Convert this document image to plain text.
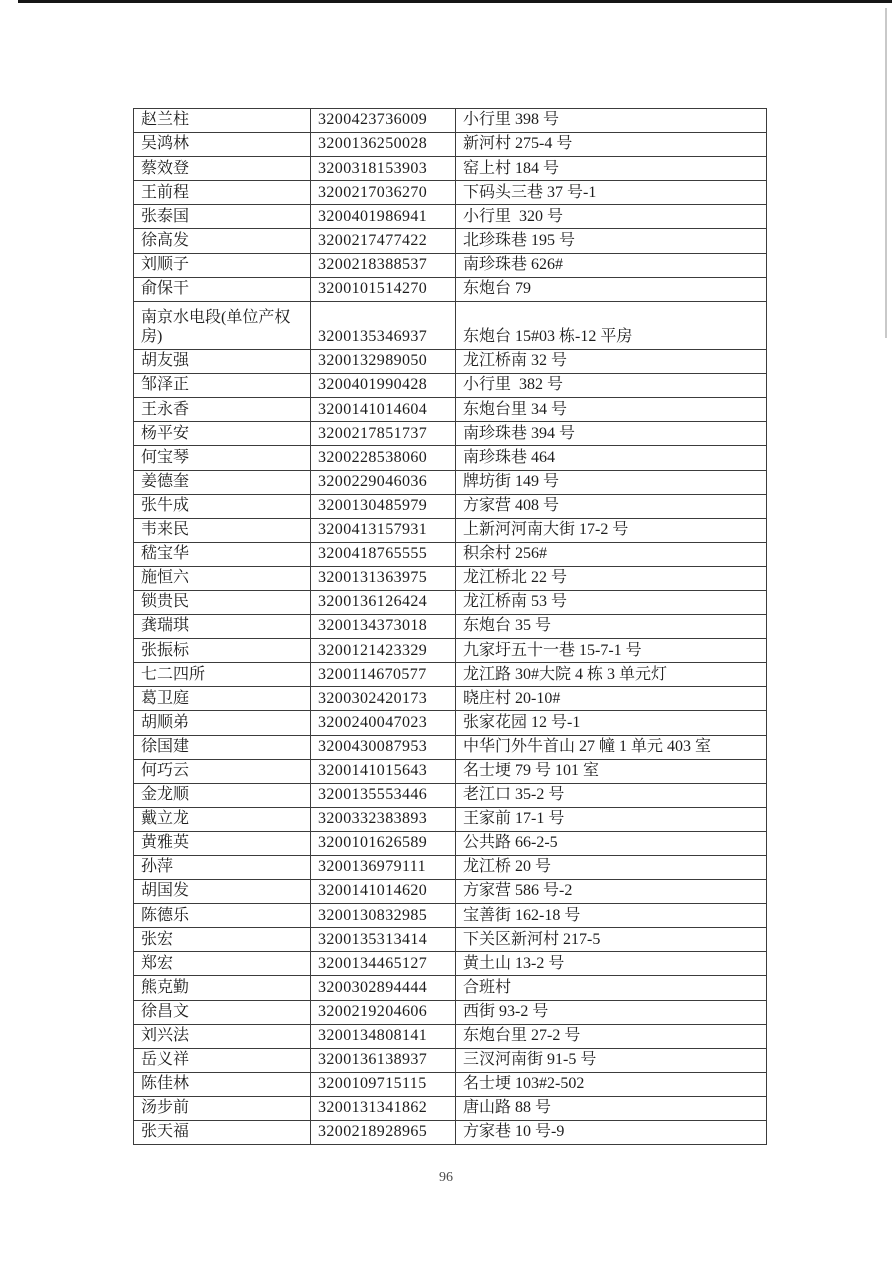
赵兰柱	3200423736009	小行里 398 号
吴鸿林	3200136250028	新河村 275-4 号
蔡效登	3200318153903	窑上村 184 号
王前程	3200217036270	下码头三巷 37 号-1
张泰国	3200401986941	小行里  320 号
徐高发	3200217477422	北珍珠巷 195 号
刘顺子	3200218388537	南珍珠巷 626#
俞保干	3200101514270	东炮台 79
南京水电段(单位产权房)	3200135346937	东炮台 15#03 栋-12 平房
胡友强	3200132989050	龙江桥南 32 号
邹泽正	3200401990428	小行里  382 号
王永香	3200141014604	东炮台里 34 号
杨平安	3200217851737	南珍珠巷 394 号
何宝琴	3200228538060	南珍珠巷 464
姜德奎	3200229046036	牌坊街 149 号
张牛成	3200130485979	方家营 408 号
韦来民	3200413157931	上新河河南大街 17-2 号
嵇宝华	3200418765555	积余村 256#
施恒六	3200131363975	龙江桥北 22 号
锁贵民	3200136126424	龙江桥南 53 号
龚瑞琪	3200134373018	东炮台 35 号
张振标	3200121423329	九家圩五十一巷 15-7-1 号
七二四所	3200114670577	龙江路 30#大院 4 栋 3 单元灯
葛卫庭	3200302420173	晓庄村 20-10#
胡顺弟	3200240047023	张家花园 12 号-1
徐国建	3200430087953	中华门外牛首山 27 幢 1 单元 403 室
何巧云	3200141015643	名士埂 79 号 101 室
金龙顺	3200135553446	老江口 35-2 号
戴立龙	3200332383893	王家前 17-1 号
黄雅英	3200101626589	公共路 66-2-5
孙萍	3200136979111	龙江桥 20 号
胡国发	3200141014620	方家营 586 号-2
陈德乐	3200130832985	宝善街 162-18 号
张宏	3200135313414	下关区新河村 217-5
郑宏	3200134465127	黄土山 13-2 号
熊克勤	3200302894444	合班村
徐昌文	3200219204606	西街 93-2 号
刘兴法	3200134808141	东炮台里 27-2 号
岳义祥	3200136138937	三汊河南街 91-5 号
陈佳林	3200109715115	名士埂 103#2-502
汤步前	3200131341862	唐山路 88 号
张天福	3200218928965	方家巷 10 号-9
96
